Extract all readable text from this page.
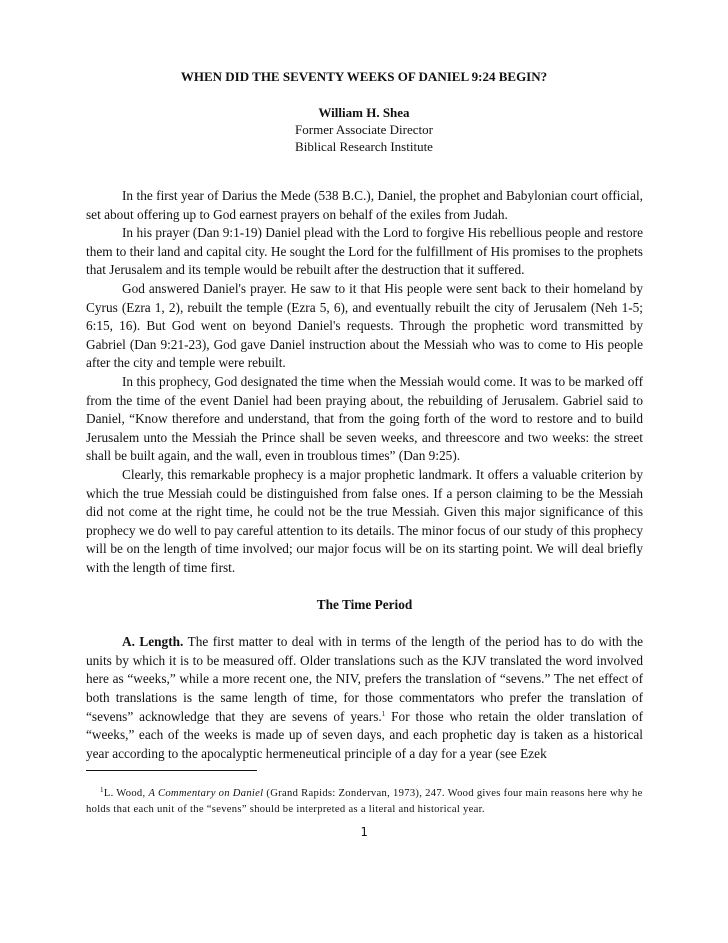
WHEN DID THE SEVENTY WEEKS OF DANIEL 9:24 BEGIN?
William H. Shea
Former Associate Director
Biblical Research Institute

In the first year of Darius the Mede (538 B.C.), Daniel, the prophet and Babylonian court official, set about offering up to God earnest prayers on behalf of the exiles from Judah.

In his prayer (Dan 9:1-19) Daniel plead with the Lord to forgive His rebellious people and restore them to their land and capital city. He sought the Lord for the fulfillment of His promises to the prophets that Jerusalem and its temple would be rebuilt after the destruction that it suffered.

God answered Daniel's prayer. He saw to it that His people were sent back to their homeland by Cyrus (Ezra 1, 2), rebuilt the temple (Ezra 5, 6), and eventually rebuilt the city of Jerusalem (Neh 1-5; 6:15, 16). But God went on beyond Daniel's requests. Through the prophetic word transmitted by Gabriel (Dan 9:21-23), God gave Daniel instruction about the Messiah who was to come to His people after the city and temple were rebuilt.

In this prophecy, God designated the time when the Messiah would come. It was to be marked off from the time of the event Daniel had been praying about, the rebuilding of Jerusalem. Gabriel said to Daniel, “Know therefore and understand, that from the going forth of the word to restore and to build Jerusalem unto the Messiah the Prince shall be seven weeks, and threescore and two weeks: the street shall be built again, and the wall, even in troublous times” (Dan 9:25).

Clearly, this remarkable prophecy is a major prophetic landmark. It offers a valuable criterion by which the true Messiah could be distinguished from false ones. If a person claiming to be the Messiah did not come at the right time, he could not be the true Messiah. Given this major significance of this prophecy we do well to pay careful attention to its details. The minor focus of our study of this prophecy will be on the length of time involved; our major focus will be on its starting point. We will deal briefly with the length of time first.

The Time Period

A. Length. The first matter to deal with in terms of the length of the period has to do with the units by which it is to be measured off. Older translations such as the KJV translated the word involved here as “weeks,” while a more recent one, the NIV, prefers the translation of “sevens.” The net effect of both translations is the same length of time, for those commentators who prefer the translation of “sevens” acknowledge that they are sevens of years.$^1$ For those who retain the older translation of “weeks,” each of the weeks is made up of seven days, and each prophetic day is taken as a historical year according to the apocalyptic hermeneutical principle of a day for a year (see Ezek

$^1$L. Wood, A Commentary on Daniel (Grand Rapids: Zondervan, 1973), 247. Wood gives four main reasons here why he holds that each unit of the “sevens” should be interpreted as a literal and historical year.

1
